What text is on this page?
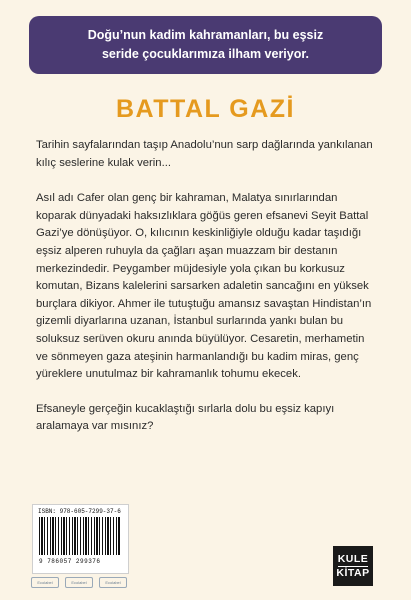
Doğu’nun kadim kahramanları, bu eşsiz
seride çocuklarımıza ilham veriyor.
BATTAL GAZİ

Tarihin sayfalarından taşıp Anadolu’nun sarp dağlarında yankılanan kılıç seslerine kulak verin...

Asıl adı Cafer olan genç bir kahraman, Malatya sınırlarından koparak dünyadaki haksızlıklara göğüs geren efsanevi Seyit Battal Gazi’ye dönüşüyor. O, kılıcının keskinliğiyle olduğu kadar taşıdığı eşsiz alperen ruhuyla da çağları aşan muazzam bir destanın merkezindedir. Peygamber müjdesiyle yola çıkan bu korkusuz komutan, Bizans kalelerini sarsarken adaletin sancağını en yüksek burçlara dikiyor. Ahmer ile tutuştuğu amansız savaştan Hindistan’ın gizemli diyarlarına uzanan, İstanbul surlarında yankı bulan bu soluksuz serüven okuru anında büyülüyor. Cesaretin, merhametin ve sönmeyen gaza ateşinin harmanlandığı bu kadim miras, genç yüreklere unutulmaz bir kahramanlık tohumu ekecek.

Efsaneyle gerçeğin kucaklaştığı sırlarla dolu bu eşsiz kapıyı aralamaya var mısınız?

ISBN: 978-605-7299-37-6
9 786057 299376
Ecolabel	Ecolabel	Ecolabel
KULE
KİTAP
